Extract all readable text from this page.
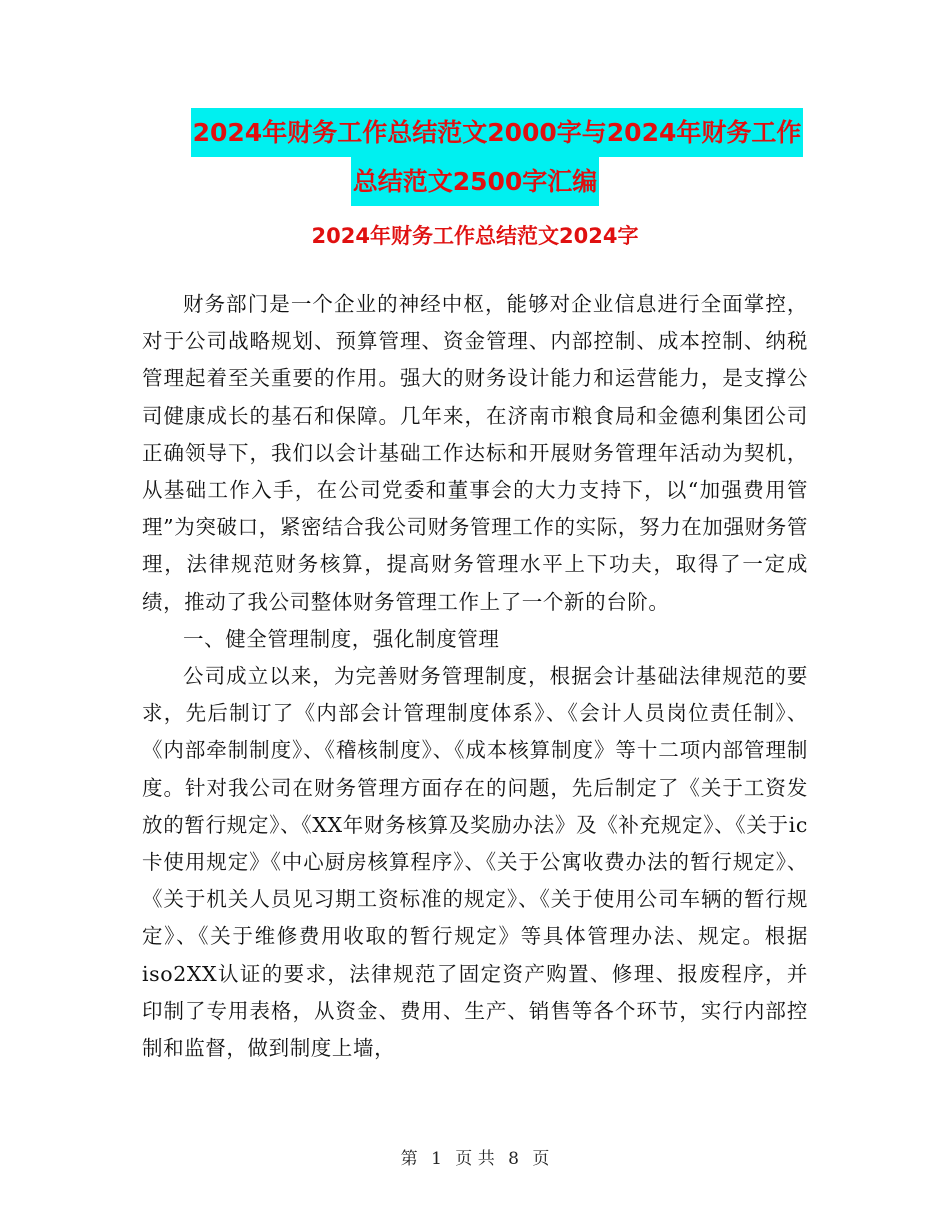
2024年财务工作总结范文2000字与2024年财务工作
总结范文2500字汇编
2024年财务工作总结范文2024字

财务部门是一个企业的神经中枢，能够对企业信息进行全面掌控，对于公司战略规划、预算管理、资金管理、内部控制、成本控制、纳税管理起着至关重要的作用。强大的财务设计能力和运营能力，是支撑公司健康成长的基石和保障。几年来，在济南市粮食局和金德利集团公司正确领导下，我们以会计基础工作达标和开展财务管理年活动为契机，从基础工作入手，在公司党委和董事会的大力支持下，以“加强费用管理”为突破口，紧密结合我公司财务管理工作的实际，努力在加强财务管理，法律规范财务核算，提高财务管理水平上下功夫，取得了一定成绩，推动了我公司整体财务管理工作上了一个新的台阶。

一、健全管理制度，强化制度管理

公司成立以来，为完善财务管理制度，根据会计基础法律规范的要求，先后制订了《内部会计管理制度体系》、《会计人员岗位责任制》、《内部牵制制度》、《稽核制度》、《成本核算制度》等十二项内部管理制度。针对我公司在财务管理方面存在的问题，先后制定了《关于工资发放的暂行规定》、《XX年财务核算及奖励办法》及《补充规定》、《关于ic卡使用规定》《中心厨房核算程序》、《关于公寓收费办法的暂行规定》、《关于机关人员见习期工资标准的规定》、《关于使用公司车辆的暂行规定》、《关于维修费用收取的暂行规定》等具体管理办法、规定。根据iso2XX认证的要求，法律规范了固定资产购置、修理、报废程序，并印制了专用表格，从资金、费用、生产、销售等各个环节，实行内部控制和监督，做到制度上墙，

第 1 页 共 8 页
